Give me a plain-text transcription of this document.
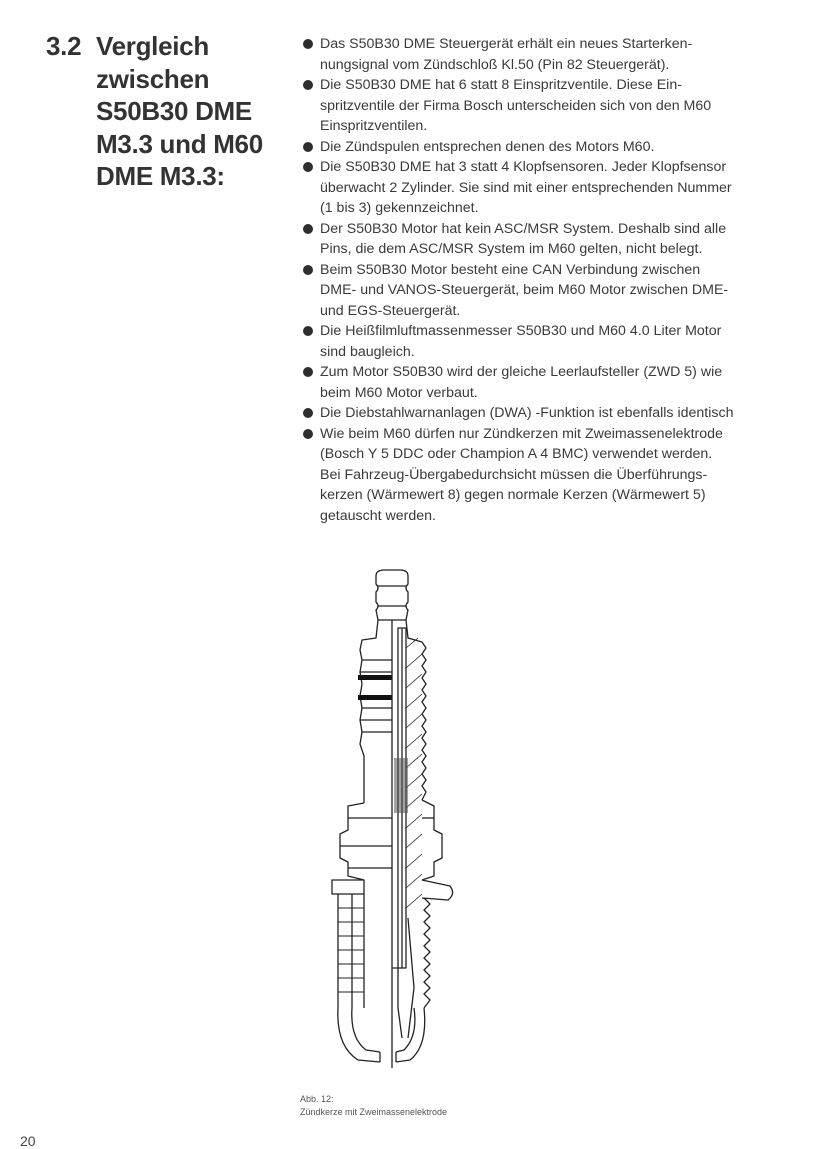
3.2 Vergleich
zwischen
S50B30 DME
M3.3 und M60
DME M3.3:
Das S50B30 DME Steuergerät erhält ein neues Starterken-
nungsignal vom Zündschloß Kl.50 (Pin 82 Steuergerät).
Die S50B30 DME hat 6 statt 8 Einspritzventile. Diese Ein-
spritzventile der Firma Bosch unterscheiden sich von den M60
Einspritzventilen.
Die Zündspulen entsprechen denen des Motors M60.
Die S50B30 DME hat 3 statt 4 Klopfsensoren. Jeder Klopfsensor
überwacht 2 Zylinder. Sie sind mit einer entsprechenden Nummer
(1 bis 3) gekennzeichnet.
Der S50B30 Motor hat kein ASC/MSR System. Deshalb sind alle
Pins, die dem ASC/MSR System im M60 gelten, nicht belegt.
Beim S50B30 Motor besteht eine CAN Verbindung zwischen
DME- und VANOS-Steuergerät, beim M60 Motor zwischen DME-
und EGS-Steuergerät.
Die Heißfilmluftmassenmesser S50B30 und M60 4.0 Liter Motor
sind baugleich.
Zum Motor S50B30 wird der gleiche Leerlaufsteller (ZWD 5) wie
beim M60 Motor verbaut.
Die Diebstahlwarnanlagen (DWA) -Funktion ist ebenfalls identisch
Wie beim M60 dürfen nur Zündkerzen mit Zweimassenelektrode
(Bosch Y 5 DDC oder Champion A 4 BMC) verwendet werden.
Bei Fahrzeug-Übergabedurchsicht müssen die Überführungs-
kerzen (Wärmewert 8) gegen normale Kerzen (Wärmewert 5)
getauscht werden.
Abb. 12:
Zündkerze mit Zweimassenelektrode
20
